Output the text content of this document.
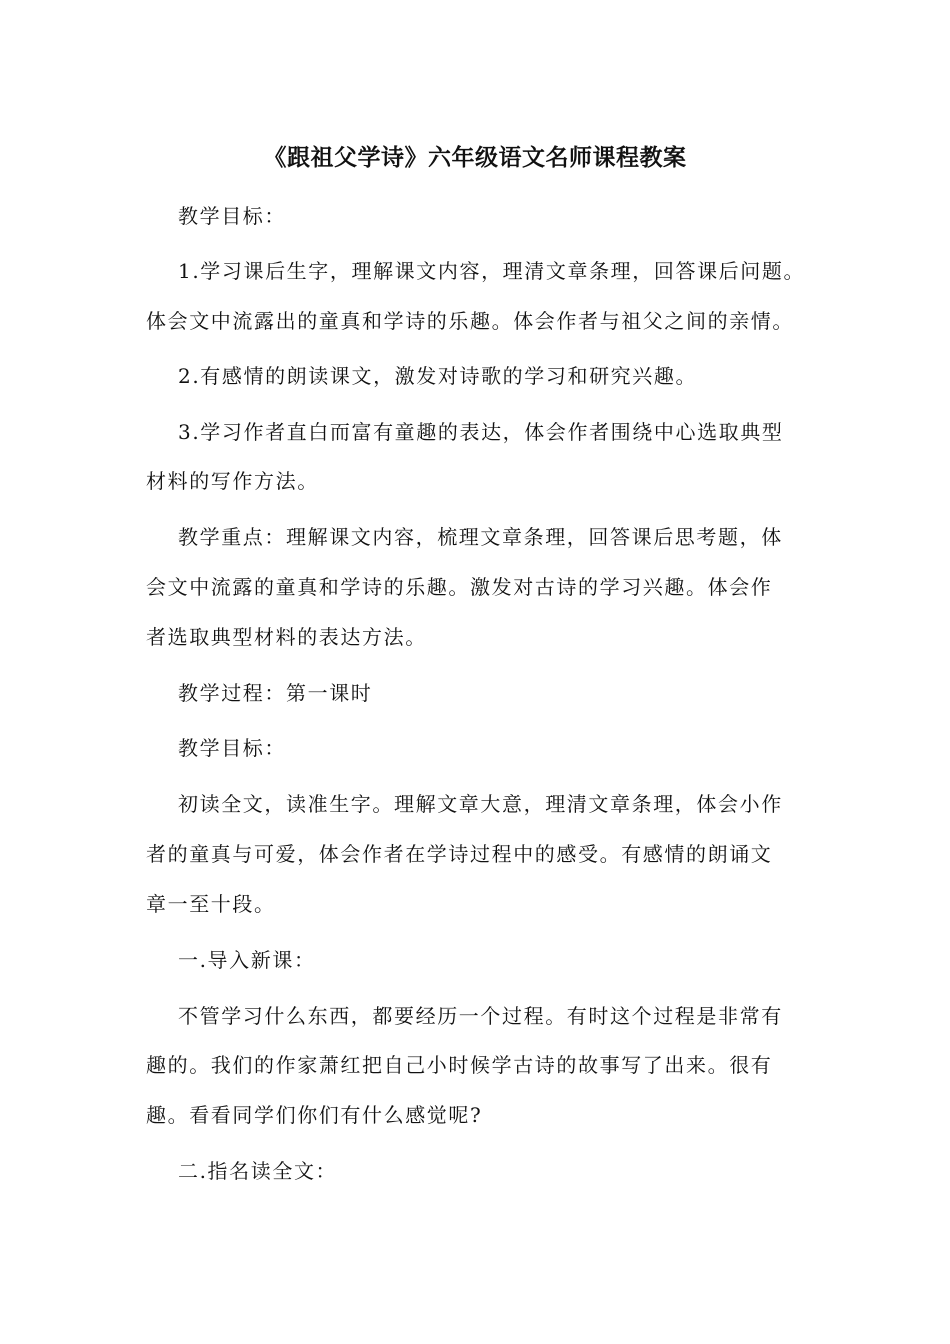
《跟祖父学诗》六年级语文名师课程教案
教学目标：
1.学习课后生字，理解课文内容，理清文章条理，回答课后问题。
体会文中流露出的童真和学诗的乐趣。体会作者与祖父之间的亲情。
2.有感情的朗读课文，激发对诗歌的学习和研究兴趣。
3.学习作者直白而富有童趣的表达，体会作者围绕中心选取典型
材料的写作方法。
教学重点：理解课文内容，梳理文章条理，回答课后思考题，体
会文中流露的童真和学诗的乐趣。激发对古诗的学习兴趣。体会作
者选取典型材料的表达方法。
教学过程：第一课时
教学目标：
初读全文，读准生字。理解文章大意，理清文章条理，体会小作
者的童真与可爱，体会作者在学诗过程中的感受。有感情的朗诵文
章一至十段。
一.导入新课：
不管学习什么东西，都要经历一个过程。有时这个过程是非常有
趣的。我们的作家萧红把自己小时候学古诗的故事写了出来。很有
趣。看看同学们你们有什么感觉呢?
二.指名读全文：
